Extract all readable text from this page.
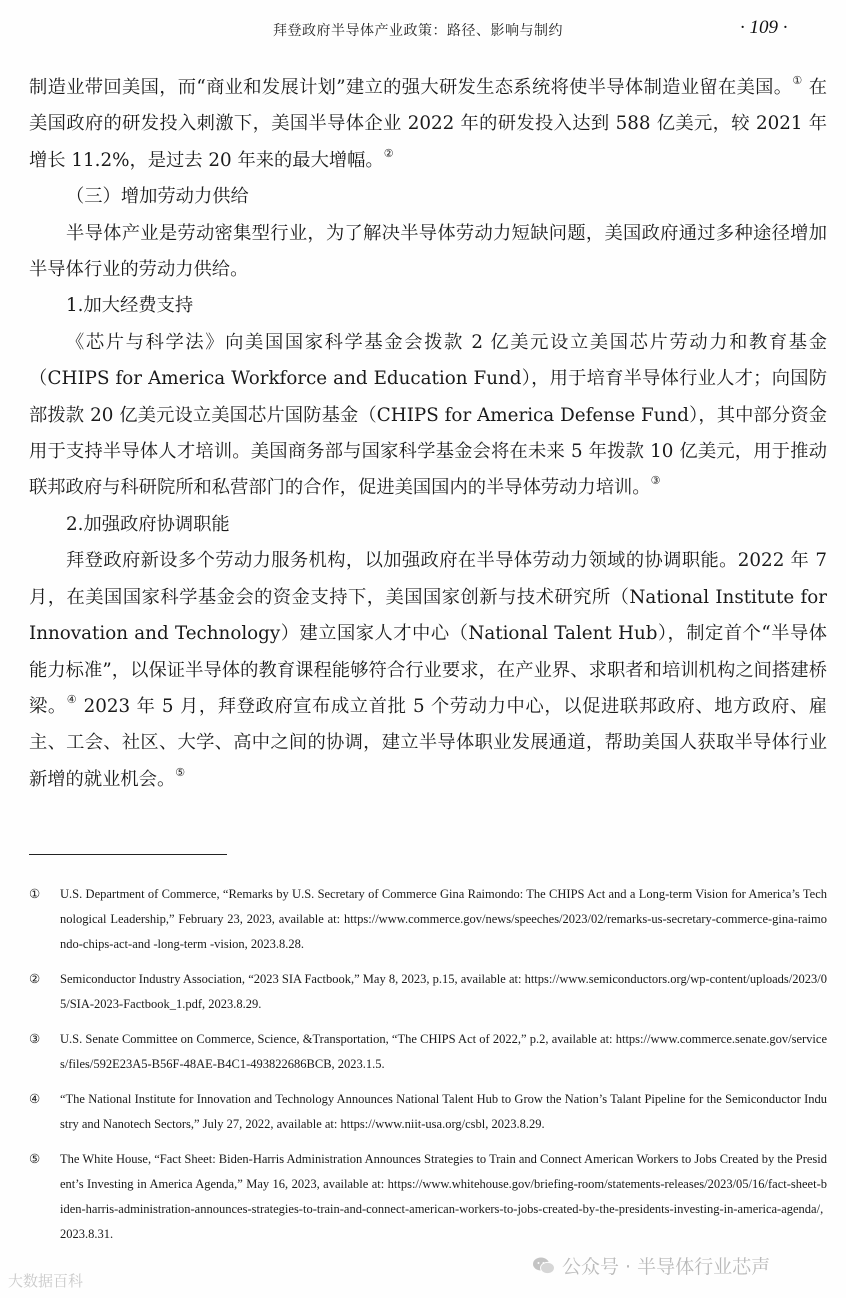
拜登政府半导体产业政策：路径、影响与制约	· 109 ·

制造业带回美国，而“商业和发展计划”建立的强大研发生态系统将使半导体制造业留在美国。① 在美国政府的研发投入刺激下，美国半导体企业 2022 年的研发投入达到 588 亿美元，较 2021 年增长 11.2%，是过去 20 年来的最大增幅。②

（三）增加劳动力供给

半导体产业是劳动密集型行业，为了解决半导体劳动力短缺问题，美国政府通过多种途径增加半导体行业的劳动力供给。

1.加大经费支持

《芯片与科学法》向美国国家科学基金会拨款 2 亿美元设立美国芯片劳动力和教育基金（CHIPS for America Workforce and Education Fund），用于培育半导体行业人才；向国防部拨款 20 亿美元设立美国芯片国防基金（CHIPS for America Defense Fund），其中部分资金用于支持半导体人才培训。美国商务部与国家科学基金会将在未来 5 年拨款 10 亿美元，用于推动联邦政府与科研院所和私营部门的合作，促进美国国内的半导体劳动力培训。③

2.加强政府协调职能

拜登政府新设多个劳动力服务机构，以加强政府在半导体劳动力领域的协调职能。2022 年 7 月，在美国国家科学基金会的资金支持下，美国国家创新与技术研究所（National Institute for Innovation and Technology）建立国家人才中心（National Talent Hub），制定首个“半导体能力标准”，以保证半导体的教育课程能够符合行业要求，在产业界、求职者和培训机构之间搭建桥梁。④ 2023 年 5 月，拜登政府宣布成立首批 5 个劳动力中心，以促进联邦政府、地方政府、雇主、工会、社区、大学、高中之间的协调，建立半导体职业发展通道，帮助美国人获取半导体行业新增的就业机会。⑤

①	U.S. Department of Commerce, “Remarks by U.S. Secretary of Commerce Gina Raimondo: The CHIPS Act and a Long-term Vision for America’s Technological Leadership,” February 23, 2023, available at: https://www.commerce.gov/news/speeches/2023/02/remarks-us-secretary-commerce-gina-raimondo-chips-act-and -long-term -vision, 2023.8.28.
②	Semiconductor Industry Association, “2023 SIA Factbook,” May 8, 2023, p.15, available at: https://www.semiconductors.org/wp-content/uploads/2023/05/SIA-2023-Factbook_1.pdf, 2023.8.29.
③	U.S. Senate Committee on Commerce, Science, &Transportation, “The CHIPS Act of 2022,” p.2, available at: https://www.commerce.senate.gov/services/files/592E23A5-B56F-48AE-B4C1-493822686BCB, 2023.1.5.
④	“The National Institute for Innovation and Technology Announces National Talent Hub to Grow the Nation’s Talant Pipeline for the Semiconductor Industry and Nanotech Sectors,” July 27, 2022, available at: https://www.niit-usa.org/csbl, 2023.8.29.
⑤	The White House, “Fact Sheet: Biden-Harris Administration Announces Strategies to Train and Connect American Workers to Jobs Created by the President’s Investing in America Agenda,” May 16, 2023, available at: https://www.whitehouse.gov/briefing-room/statements-releases/2023/05/16/fact-sheet-biden-harris-administration-announces-strategies-to-train-and-connect-american-workers-to-jobs-created-by-the-presidents-investing-in-america-agenda/, 2023.8.31.
大数据百科
公众号 · 半导体行业芯声
